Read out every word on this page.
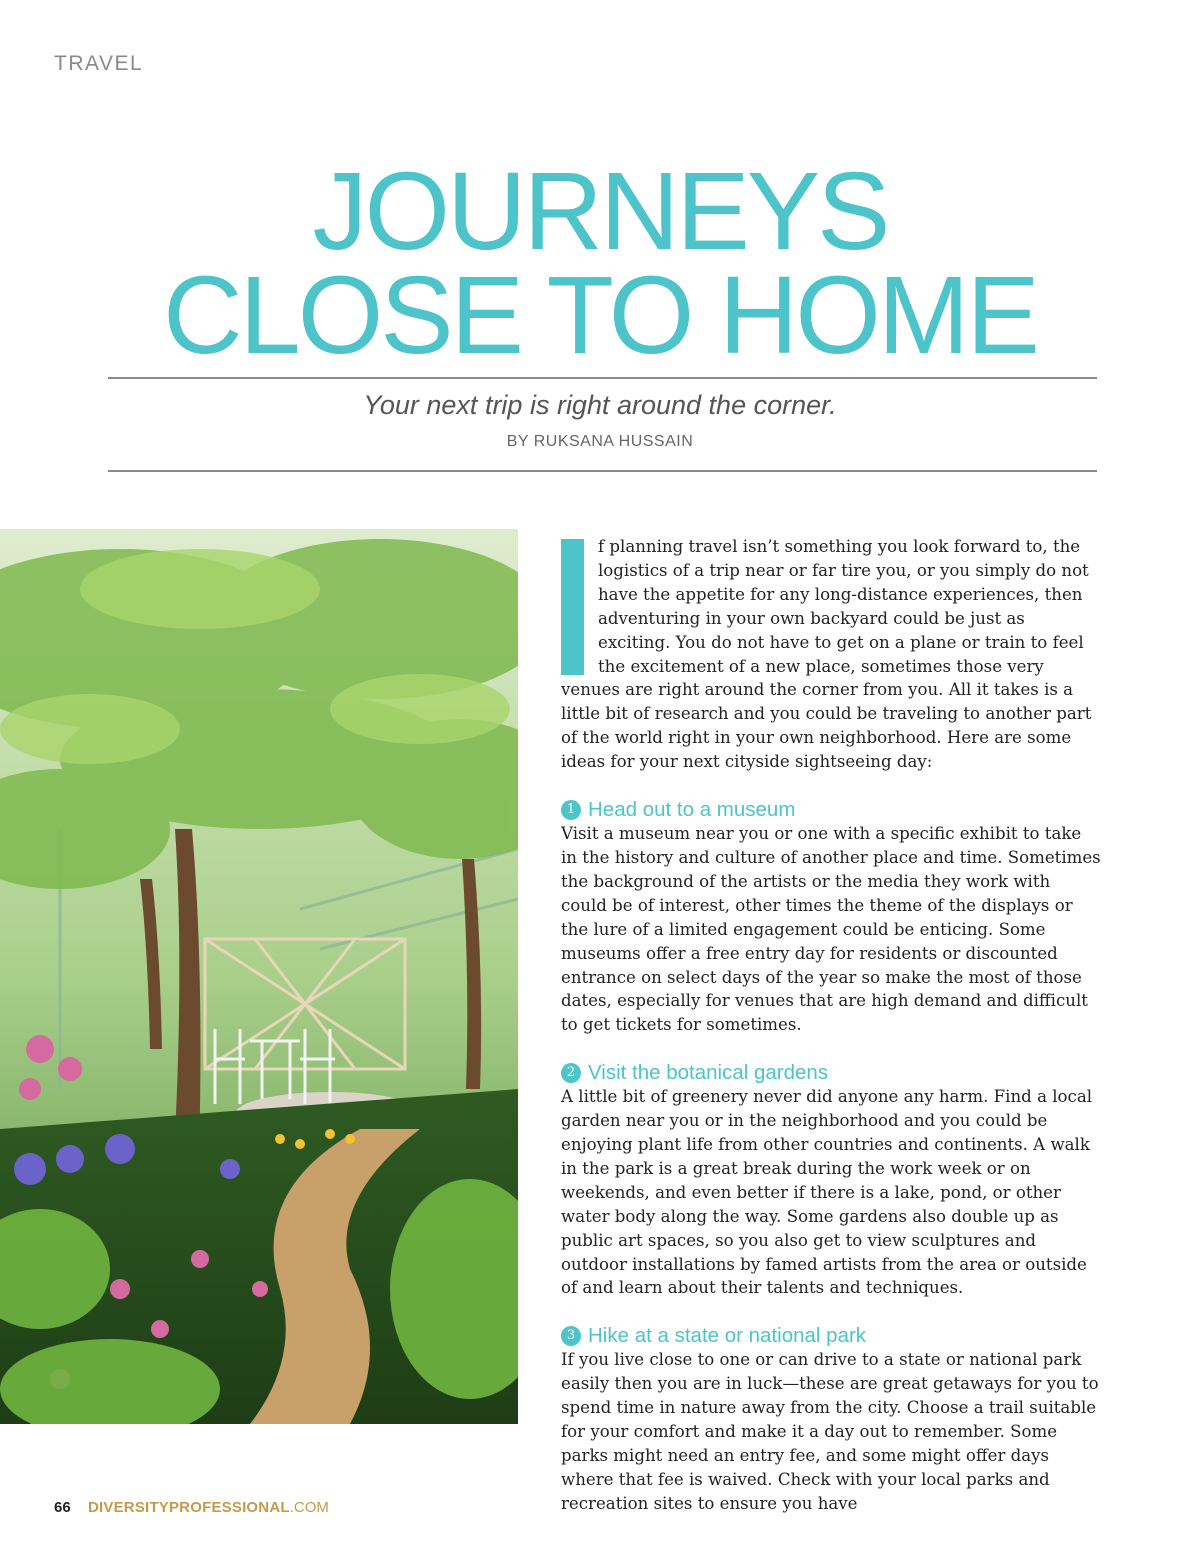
TRAVEL
JOURNEYS
CLOSE TO HOME
Your next trip is right around the corner.
BY RUKSANA HUSSAIN

f planning travel isn’t something you look forward to, the logistics of a trip near or far tire you, or you simply do not have the appetite for any long-distance experiences, then adventuring in your own backyard could be just as exciting. You do not have to get on a plane or train to feel the excitement of a new place, sometimes those very venues are right around the corner from you. All it takes is a little bit of research and you could be traveling to another part of the world right in your own neighborhood. Here are some ideas for your next cityside sightseeing day:

1 Head out to a museum

Visit a museum near you or one with a specific exhibit to take in the history and culture of another place and time. Sometimes the background of the artists or the media they work with could be of interest, other times the theme of the displays or the lure of a limited engagement could be enticing. Some museums offer a free entry day for residents or discounted entrance on select days of the year so make the most of those dates, especially for venues that are high demand and difficult to get tickets for sometimes.

2 Visit the botanical gardens

A little bit of greenery never did anyone any harm. Find a local garden near you or in the neighborhood and you could be enjoying plant life from other countries and continents. A walk in the park is a great break during the work week or on weekends, and even better if there is a lake, pond, or other water body along the way. Some gardens also double up as public art spaces, so you also get to view sculptures and outdoor installations by famed artists from the area or outside of and learn about their talents and techniques.

3 Hike at a state or national park

If you live close to one or can drive to a state or national park easily then you are in luck—these are great getaways for you to spend time in nature away from the city. Choose a trail suitable for your comfort and make it a day out to remember. Some parks might need an entry fee, and some might offer days where that fee is waived. Check with your local parks and recreation sites to ensure you have

66 DIVERSITYPROFESSIONAL.COM
